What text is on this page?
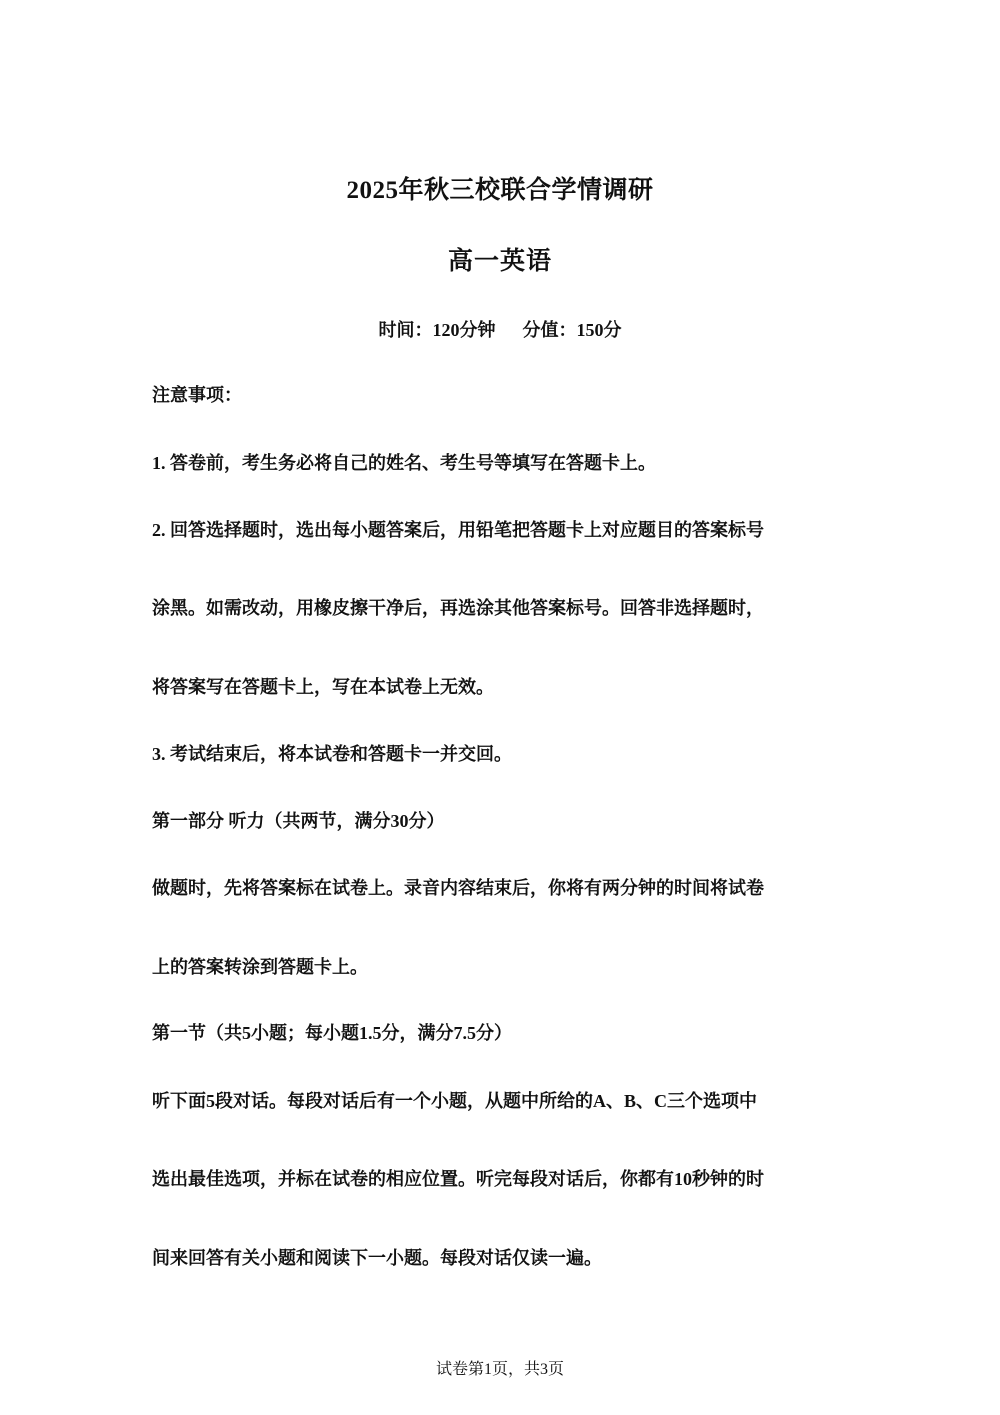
2025年秋三校联合学情调研
高一英语
时间：120分钟 分值：150分
注意事项：
1. 答卷前，考生务必将自己的姓名、考生号等填写在答题卡上。
2. 回答选择题时，选出每小题答案后，用铅笔把答题卡上对应题目的答案标号
涂黑。如需改动，用橡皮擦干净后，再选涂其他答案标号。回答非选择题时，
将答案写在答题卡上，写在本试卷上无效。
3. 考试结束后，将本试卷和答题卡一并交回。
第一部分 听力（共两节，满分30分）
做题时，先将答案标在试卷上。录音内容结束后，你将有两分钟的时间将试卷
上的答案转涂到答题卡上。
第一节（共5小题；每小题1.5分，满分7.5分）
听下面5段对话。每段对话后有一个小题，从题中所给的A、B、C三个选项中
选出最佳选项，并标在试卷的相应位置。听完每段对话后，你都有10秒钟的时
间来回答有关小题和阅读下一小题。每段对话仅读一遍。
试卷第1页，共3页
